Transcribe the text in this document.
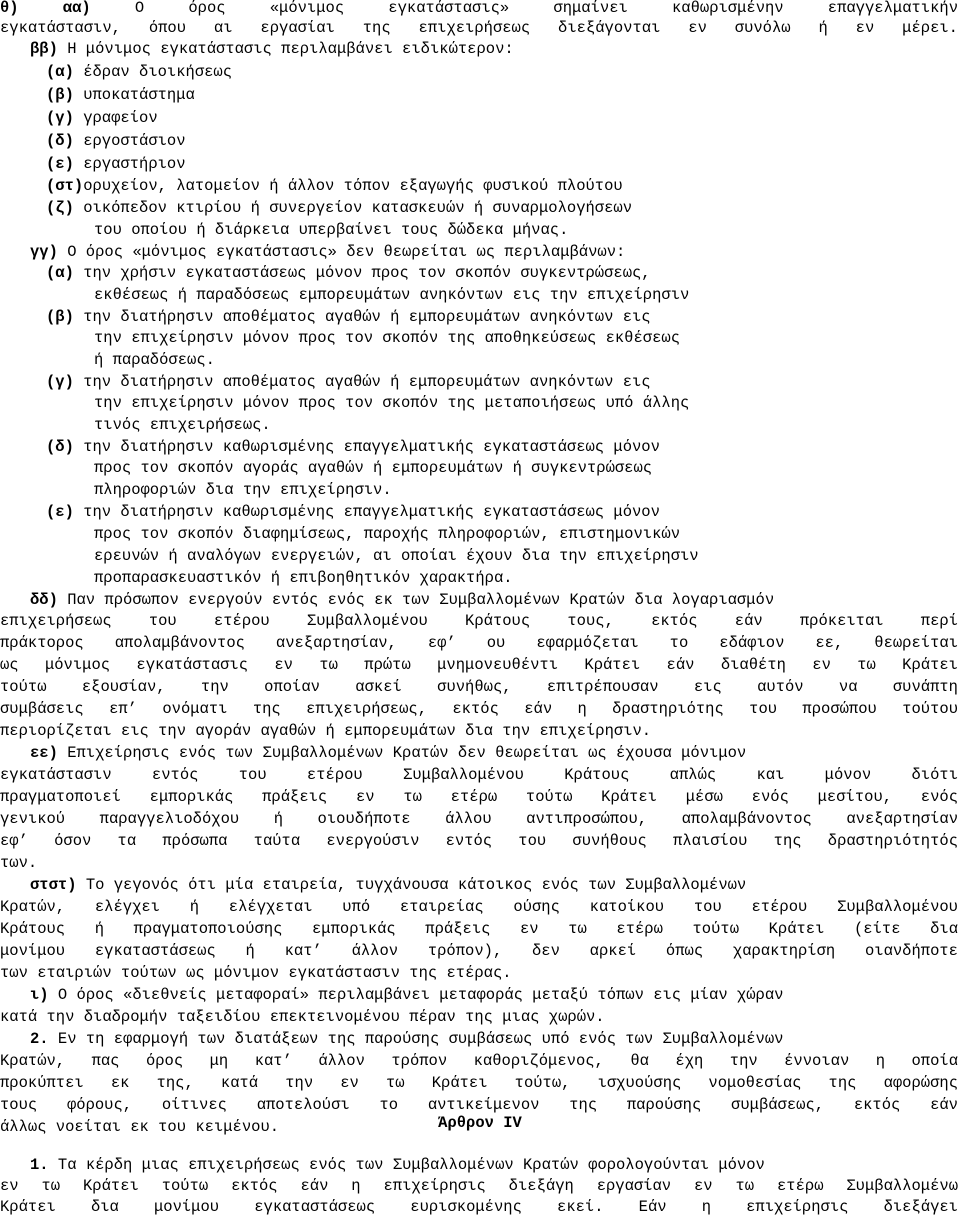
θ) αα) Ο όρος «μόνιμος εγκατάστασις» σημαίνει καθωρισμένην επαγγελματικήν
εγκατάστασιν, όπου αι εργασίαι της επιχειρήσεως διεξάγονται εν συνόλω ή εν μέρει.
ββ) Η μόνιμος εγκατάστασις περιλαμβάνει ειδικώτερον:
(α) έδραν διοικήσεως
(β) υποκατάστημα
(γ) γραφείον
(δ) εργοστάσιον
(ε) εργαστήριον
(στ)ορυχείον, λατομείον ή άλλον τόπον εξαγωγής φυσικού πλούτου
(ζ) οικόπεδον κτιρίου ή συνεργείον κατασκευών ή συναρμολογήσεων
του οποίου ή διάρκεια υπερβαίνει τους δώδεκα μήνας.
γγ) Ο όρος «μόνιμος εγκατάστασις» δεν θεωρείται ως περιλαμβάνων:
(α) την χρήσιν εγκαταστάσεως μόνον προς τον σκοπόν συγκεντρώσεως,
εκθέσεως ή παραδόσεως εμπορευμάτων ανηκόντων εις την επιχείρησιν
(β) την διατήρησιν αποθέματος αγαθών ή εμπορευμάτων ανηκόντων εις
την επιχείρησιν μόνον προς τον σκοπόν της αποθηκεύσεως εκθέσεως
ή παραδόσεως.
(γ) την διατήρησιν αποθέματος αγαθών ή εμπορευμάτων ανηκόντων εις
την επιχείρησιν μόνον προς τον σκοπόν της μεταποιήσεως υπό άλλης
τινός επιχειρήσεως.
(δ) την διατήρησιν καθωρισμένης επαγγελματικής εγκαταστάσεως μόνον
προς τον σκοπόν αγοράς αγαθών ή εμπορευμάτων ή συγκεντρώσεως
πληροφοριών δια την επιχείρησιν.
(ε) την διατήρησιν καθωρισμένης επαγγελματικής εγκαταστάσεως μόνον
προς τον σκοπόν διαφημίσεως, παροχής πληροφοριών, επιστημονικών
ερευνών ή αναλόγων ενεργειών, αι οποίαι έχουν δια την επιχείρησιν
προπαρασκευαστικόν ή επιβοηθητικόν χαρακτήρα.
δδ) Παν πρόσωπον ενεργούν εντός ενός εκ των Συμβαλλομένων Κρατών δια λογαριασμόν
επιχειρήσεως του ετέρου Συμβαλλομένου Κράτους τους, εκτός εάν πρόκειται περί
πράκτορος απολαμβάνοντος ανεξαρτησίαν, εφ’ ου εφαρμόζεται το εδάφιον εε, θεωρείται
ως μόνιμος εγκατάστασις εν τω πρώτω μνημονευθέντι Κράτει εάν διαθέτη εν τω Κράτει
τούτω εξουσίαν, την οποίαν ασκεί συνήθως, επιτρέπουσαν εις αυτόν να συνάπτη
συμβάσεις επ’ ονόματι της επιχειρήσεως, εκτός εάν η δραστηριότης του προσώπου τούτου
περιορίζεται εις την αγοράν αγαθών ή εμπορευμάτων δια την επιχείρησιν.
εε) Επιχείρησις ενός των Συμβαλλομένων Κρατών δεν θεωρείται ως έχουσα μόνιμον
εγκατάστασιν εντός του ετέρου Συμβαλλομένου Κράτους απλώς και μόνον διότι
πραγματοποιεί εμπορικάς πράξεις εν τω ετέρω τούτω Κράτει μέσω ενός μεσίτου, ενός
γενικού παραγγελιοδόχου ή οιουδήποτε άλλου αντιπροσώπου, απολαμβάνοντος ανεξαρτησίαν
εφ’ όσον τα πρόσωπα ταύτα ενεργούσιν εντός του συνήθους πλαισίου της δραστηριότητός
των.
στστ) Το γεγονός ότι μία εταιρεία, τυγχάνουσα κάτοικος ενός των Συμβαλλομένων
Κρατών, ελέγχει ή ελέγχεται υπό εταιρείας ούσης κατοίκου του ετέρου Συμβαλλομένου
Κράτους ή πραγματοποιούσης εμπορικάς πράξεις εν τω ετέρω τούτω Κράτει (είτε δια
μονίμου εγκαταστάσεως ή κατ’ άλλον τρόπον), δεν αρκεί όπως χαρακτηρίση οιανδήποτε
των εταιριών τούτων ως μόνιμον εγκατάστασιν της ετέρας.
ι) Ο όρος «διεθνείς μεταφοραί» περιλαμβάνει μεταφοράς μεταξύ τόπων εις μίαν χώραν
κατά την διαδρομήν ταξειδίου επεκτεινομένου πέραν της μιας χωρών.
2. Εν τη εφαρμογή των διατάξεων της παρούσης συμβάσεως υπό ενός των Συμβαλλομένων
Κρατών, πας όρος μη κατ’ άλλον τρόπον καθοριζόμενος, θα έχη την έννοιαν η οποία
προκύπτει εκ της, κατά την εν τω Κράτει τούτω, ισχυούσης νομοθεσίας της αφορώσης
τους φόρους, οίτινες αποτελούσι το αντικείμενον της παρούσης συμβάσεως, εκτός εάν
άλλως νοείται εκ του κειμένου.	Άρθρον IV
1. Τα κέρδη μιας επιχειρήσεως ενός των Συμβαλλομένων Κρατών φορολογούνται μόνον
εν τω Κράτει τούτω εκτός εάν η επιχείρησις διεξάγη εργασίαν εν τω ετέρω Συμβαλλομένω
Κράτει δια μονίμου εγκαταστάσεως ευρισκομένης εκεί. Εάν η επιχείρησις διεξάγει
